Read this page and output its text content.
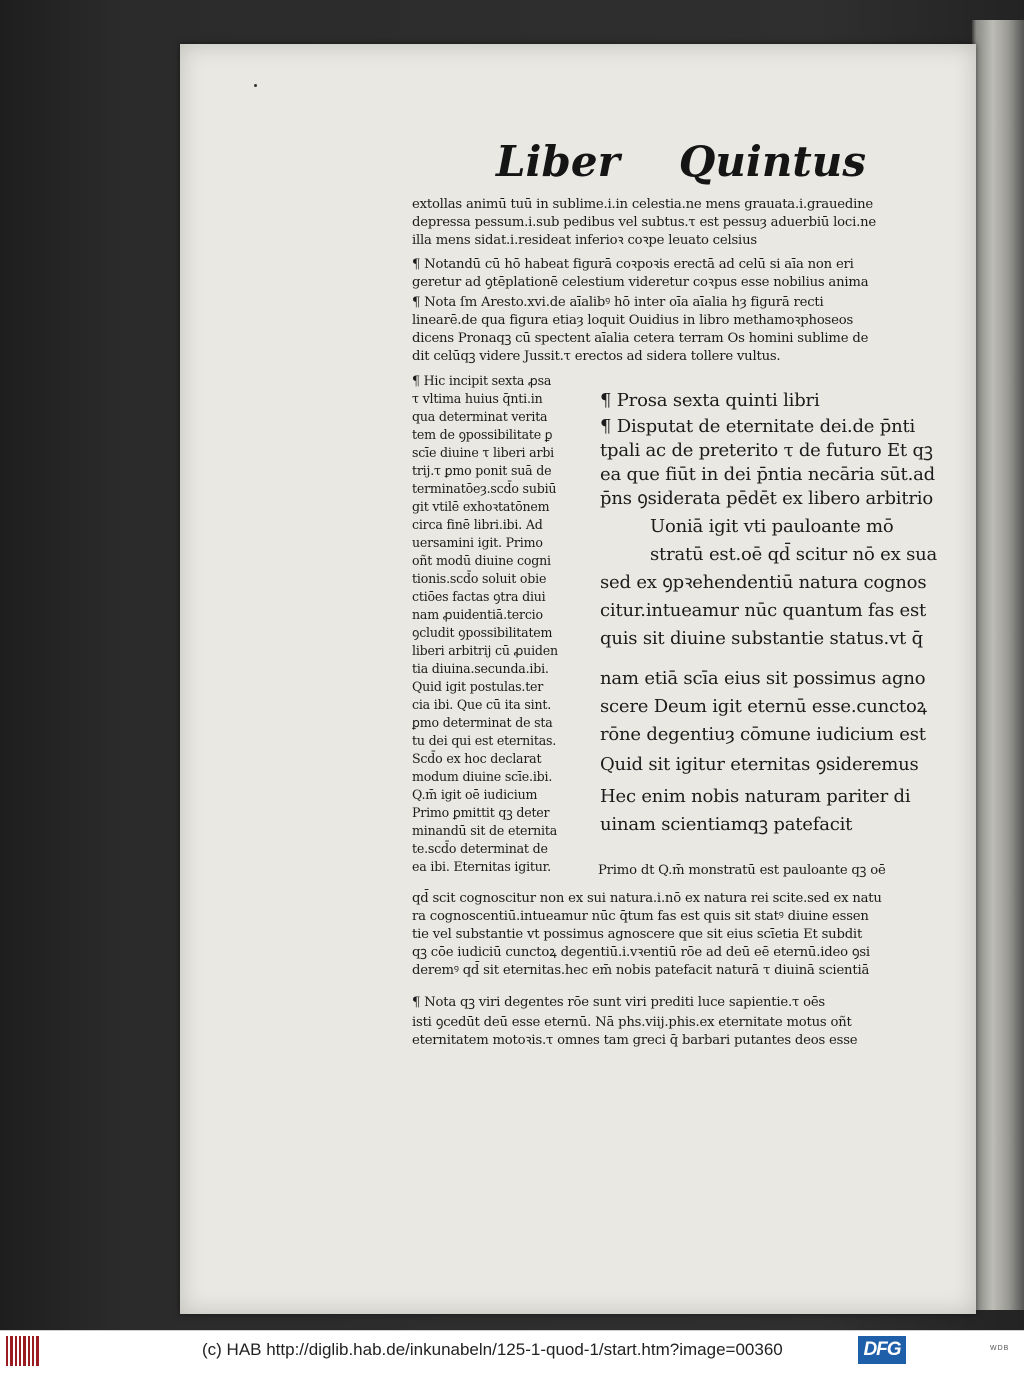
Liber Quintus
extollas animū tuū in sublime.i.in celestia.ne mens grauata.i.grauedine
depressa pessum.i.sub pedibus vel subtus.τ est pessuȝ aduerbiū loci.ne
illa mens sidat.i.resideat inferioꝛ coꝛpe leuato celsius
¶ Notandū cū hō habeat figurā coꝛpoꝛis erectā ad celū si aīa non eri
geretur ad ꝯtēplationē celestium videretur coꝛpus esse nobilius anima
¶ Nota ſm Aresto.xvi.de aīalibꝰ hō inter oīa aīalia hȝ figurā recti
linearē.de qua figura etiaȝ loquit Ouidius in libro methamoꝛphoseos
dicens Pronaqꝫ cū spectent aīalia cetera terram Os homini sublime de
dit celūqꝫ videre Jussit.τ erectos ad sidera tollere vultus.
¶ Hic incipit sexta ꝓsa
τ vltima huius q̄nti.in
qua determinat verita
tem de ꝯpossibilitate ꝑ
scīe diuine τ liberi arbi
trij.τ ꝑmo ponit suā de
terminatōeȝ.scd̄o subiū
git vtilē exhoꝛtatōnem
circa finē libri.ibi. Ad
uersamini igit. Primo
oñt modū diuine cogni
tionis.scd̄o soluit obie
ctiōes factas ꝯtra diui
nam ꝓuidentiā.tercio
ꝯcludit ꝯpossibilitatem
liberi arbitrij cū ꝓuiden
tia diuina.secunda.ibi.
Quid igit postulas.ter
cia ibi. Que cū ita sint.
ꝑmo determinat de sta
tu dei qui est eternitas.
Scd̄o ex hoc declarat
modum diuine scīe.ibi.
Q.m̄ igit oē iudicium
Primo ꝑmittit qꝫ deter
minandū sit de eternita
te.scd̄o determinat de
ea ibi. Eternitas igitur.
¶ Prosa sexta quinti libri
¶ Disputat de eternitate dei.de p̄nti
tpali ac de preterito τ de futuro Et qꝫ
ea que fiūt in dei p̄ntia necāria sūt.ad
p̄ns ꝯsiderata pēdēt ex libero arbitrio
Uoniā igit vti pauloante mō
stratū est.oē qd̄ scitur nō ex sua
sed ex ꝯpꝛehendentiū natura cognos
citur.intueamur nūc quantum fas est
quis sit diuine substantie status.vt q̄
nam etiā scīa eius sit possimus agno
scere Deum igit eternū esse.cunctoꝝ
rōne degentiuȝ cōmune iudicium est
Quid sit igitur eternitas ꝯsideremus
Hec enim nobis naturam pariter di
uinam scientiamqꝫ patefacit
Primo dt Q.m̄ monstratū est pauloante qꝫ oē
qd̄ scit cognoscitur non ex sui natura.i.nō ex natura rei scite.sed ex natu
ra cognoscentiū.intueamur nūc q̄tum fas est quis sit statꝰ diuine essen
tie vel substantie vt possimus agnoscere que sit eius scīetia Et subdit
qꝫ cōe iudiciū cunctoꝝ degentiū.i.vꝛentiū rōe ad deū eē eternū.ideo ꝯsi
deremꝰ qd̄ sit eternitas.hec em̄ nobis patefacit naturā τ diuinā scientiā
¶ Nota qꝫ viri degentes rōe sunt viri prediti luce sapientie.τ oēs
isti ꝯcedūt deū esse eternū. Nā phs.viij.phis.ex eternitate motus oñt
eternitatem motoꝛis.τ omnes tam greci q̄ barbari putantes deos esse
(c) HAB http://diglib.hab.de/inkunabeln/125-1-quod-1/start.htm?image=00360	DFG	WDB
